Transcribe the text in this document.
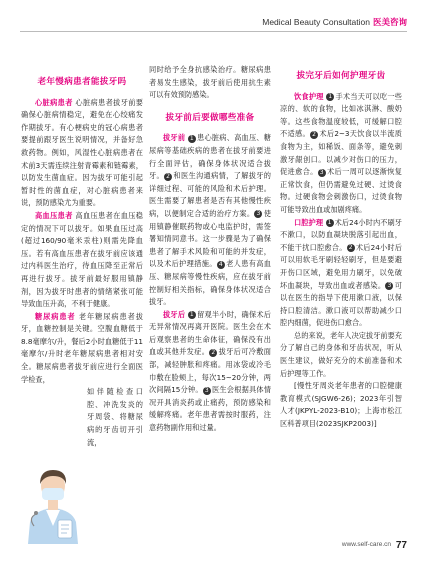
Medical Beauty Consultation 医美咨询
老年慢病患者能拔牙吗

心脏病患者 心脏病患者拔牙前要确保心脏病情稳定，避免在心绞痛发作期拔牙。有心梗病史的冠心病患者要提前跟牙医生说明情况，并备好急救药物。例如，风湿性心脏病患者在术前3天需连续注射青霉素和链霉素，以防发生菌血症。因为拔牙可能引起暂时性的菌血症，对心脏病患者来说，预防感染尤为重要。

高血压患者 高血压患者在血压稳定的情况下可以拔牙。如果血压过高(超过160/90毫米汞柱)则需先降血压。若有高血压患者在拔牙前应该通过内科医生治疗，待血压降至正常后再进行拔牙。拔牙前最好服用镇静剂，因为拔牙时患者的情绪紧张可能导致血压升高，不利于健康。

糖尿病患者 老年糖尿病患者拔牙，血糖控制是关键。空腹血糖低于8.8毫摩尔/升，餐后2小时血糖低于11毫摩尔/升时老年糖尿病患者相对安全。糖尿病患者拔牙前应进行全面医学检查，

如伴随检查口腔、冲洗发炎的牙周袋、将糖尿病的牙齿切开引流，

同时给予全身抗感染治疗。糖尿病患者易发生感染，拔牙前后使用抗生素可以有效预防感染。

拔牙前后要做哪些准备

拔牙前 1 患心脏病、高血压、糖尿病等基础疾病的患者在拔牙前要进行全面评估，确保身体状况适合拔牙。 2 和医生沟通病情，了解拔牙的详细过程、可能的风险和术后护理。医生需要了解患者是否有其他慢性疾病，以便制定合适的治疗方案。 3 使用镇静催眠药物或心电监护时，需签署知情同意书。这一步骤是为了确保患者了解手术风险和可能的并发症，以及术后护理措施。 4 老人患有高血压、糖尿病等慢性疾病，应在拔牙前控制好相关指标，确保身体状况适合拔牙。

拔牙后 1 留观半小时，确保术后无异常情况再离开医院。医生会在术后观察患者的生命体征，确保没有出血或其他并发症。 2 拔牙后可冷敷面部，减轻肿胀和疼痛。用冰袋或冷毛巾敷在脸颊上，每次15~20分钟，两次间隔15分钟。 3 医生会根据具体情况开具消炎药或止痛药，预防感染和缓解疼痛。老年患者需按时服药，注意药物副作用和过量。

拔完牙后如何护理牙齿

饮食护理 1 手术当天可以吃一些凉的、软的食物，比如冰淇淋、酸奶等。这些食物温度较低，可缓解口腔不适感。 2 术后2~3天饮食以半流质食物为主，如稀饭、面条等，避免刺激牙龈创口。以减少对伤口的压力，促进愈合。 3 术后一周可以逐渐恢复正常饮食，但仍需避免过硬、过烫食物。过硬食物会刺激伤口，过烫食物可能导致出血或加剧疼痛。

口腔护理 1 术后24小时内不刷牙不漱口，以防血凝块脱落引起出血，不能干扰口腔愈合。 2 术后24小时后可以用软毛牙刷轻轻刷牙，但是要避开伤口区域，避免用力刷牙，以免破坏血凝块，导致出血或者感染。 3 可以在医生的指导下使用漱口液，以保持口腔清洁。漱口液可以帮助减少口腔内细菌，促进伤口愈合。

总的来说，老年人决定拔牙前要充分了解自己的身体和牙齿状况，听从医生建议，做好充分的术前准备和术后护理等工作。

[慢性牙周炎老年患者的口腔健康教育模式(SJGW6-26)；2023年引智人才(JKPYL-2023-B10)；上海市松江区科普项目(2023SJKP2003)]

www.self-care.cn 77
